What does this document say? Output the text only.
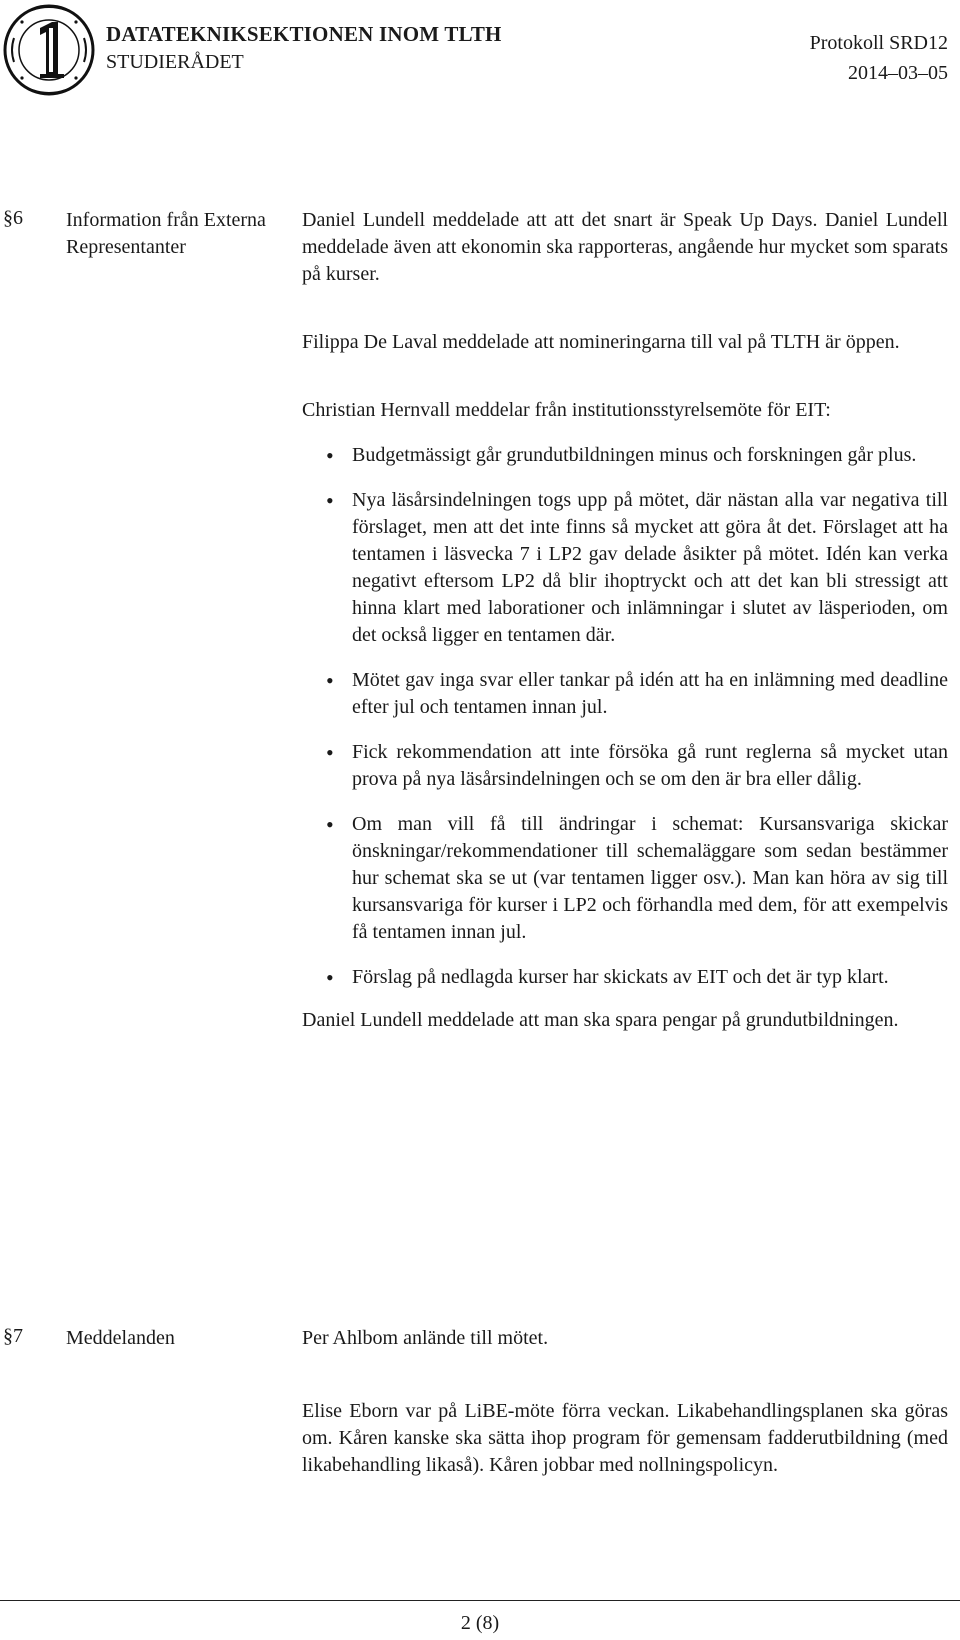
DATATEKNIKSEKTIONEN INOM TLTH
STUDIERÅDET
Protokoll SRD12
2014–03–05
§6 Information från Externa Representanter

Daniel Lundell meddelade att att det snart är Speak Up Days. Daniel Lundell meddelade även att ekonomin ska rapporteras, angående hur mycket som sparats på kurser.

Filippa De Laval meddelade att nomineringarna till val på TLTH är öppen.

Christian Hernvall meddelar från institutionsstyrelsemöte för EIT:

• Budgetmässigt går grundutbildningen minus och forskningen går plus.
• Nya läsårsindelningen togs upp på mötet, där nästan alla var negativa till förslaget, men att det inte finns så mycket att göra åt det. Förslaget att ha tentamen i läsvecka 7 i LP2 gav delade åsikter på mötet. Idén kan verka negativt eftersom LP2 då blir ihoptryckt och att det kan bli stressigt att hinna klart med laborationer och inlämningar i slutet av läsperioden, om det också ligger en tentamen där.
• Mötet gav inga svar eller tankar på idén att ha en inlämning med deadline efter jul och tentamen innan jul.
• Fick rekommendation att inte försöka gå runt reglerna så mycket utan prova på nya läsårsindelningen och se om den är bra eller dålig.
• Om man vill få till ändringar i schemat: Kursansvariga skickar önskningar/rekommendationer till schemaläggare som sedan bestämmer hur schemat ska se ut (var tentamen ligger osv.). Man kan höra av sig till kursansvariga för kurser i LP2 och förhandla med dem, för att exempelvis få tentamen innan jul.
• Förslag på nedlagda kurser har skickats av EIT och det är typ klart.

Daniel Lundell meddelade att man ska spara pengar på grundutbildningen.

§7 Meddelanden	Per Ahlbom anlände till mötet.

Elise Eborn var på LiBE-möte förra veckan. Likabehandlingsplanen ska göras om. Kåren kanske ska sätta ihop program för gemensam fadderutbildning (med likabehandling likaså). Kåren jobbar med nollningspolicyn.

2 (8)
